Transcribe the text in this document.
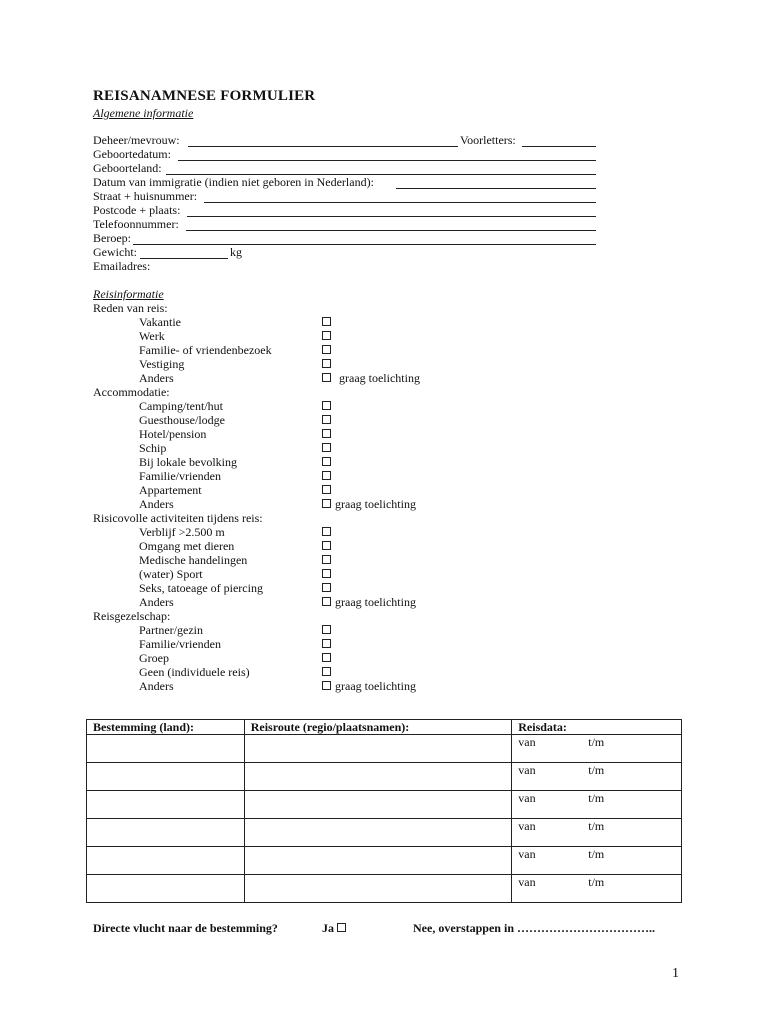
REISANAMNESE FORMULIER
Algemene informatie
Deheer/mevrouw:	Voorletters:
Geboortedatum:
Geboorteland:
Datum van immigratie (indien niet geboren in Nederland):
Straat + huisnummer:
Postcode + plaats:
Telefoonnummer:
Beroep:
Gewicht:	kg
Emailadres:
Reisinformatie
Reden van reis:
Vakantie
Werk
Familie- of vriendenbezoek
Vestiging
Anders	graag toelichting
Accommodatie:
Camping/tent/hut
Guesthouse/lodge
Hotel/pension
Schip
Bij lokale bevolking
Familie/vrienden
Appartement
Anders	graag toelichting
Risicovolle activiteiten tijdens reis:
Verblijf >2.500 m
Omgang met dieren
Medische handelingen
(water) Sport
Seks, tatoeage of piercing
Anders	graag toelichting
Reisgezelschap:
Partner/gezin
Familie/vrienden
Groep
Geen (individuele reis)
Anders	graag toelichting
Bestemming (land):	Reisroute (regio/plaatsnamen):	Reisdata:
		van t/m
		van t/m
		van t/m
		van t/m
		van t/m
		van t/m
Directe vlucht naar de bestemming?	Ja	Nee, overstappen in ……………………………..
1
